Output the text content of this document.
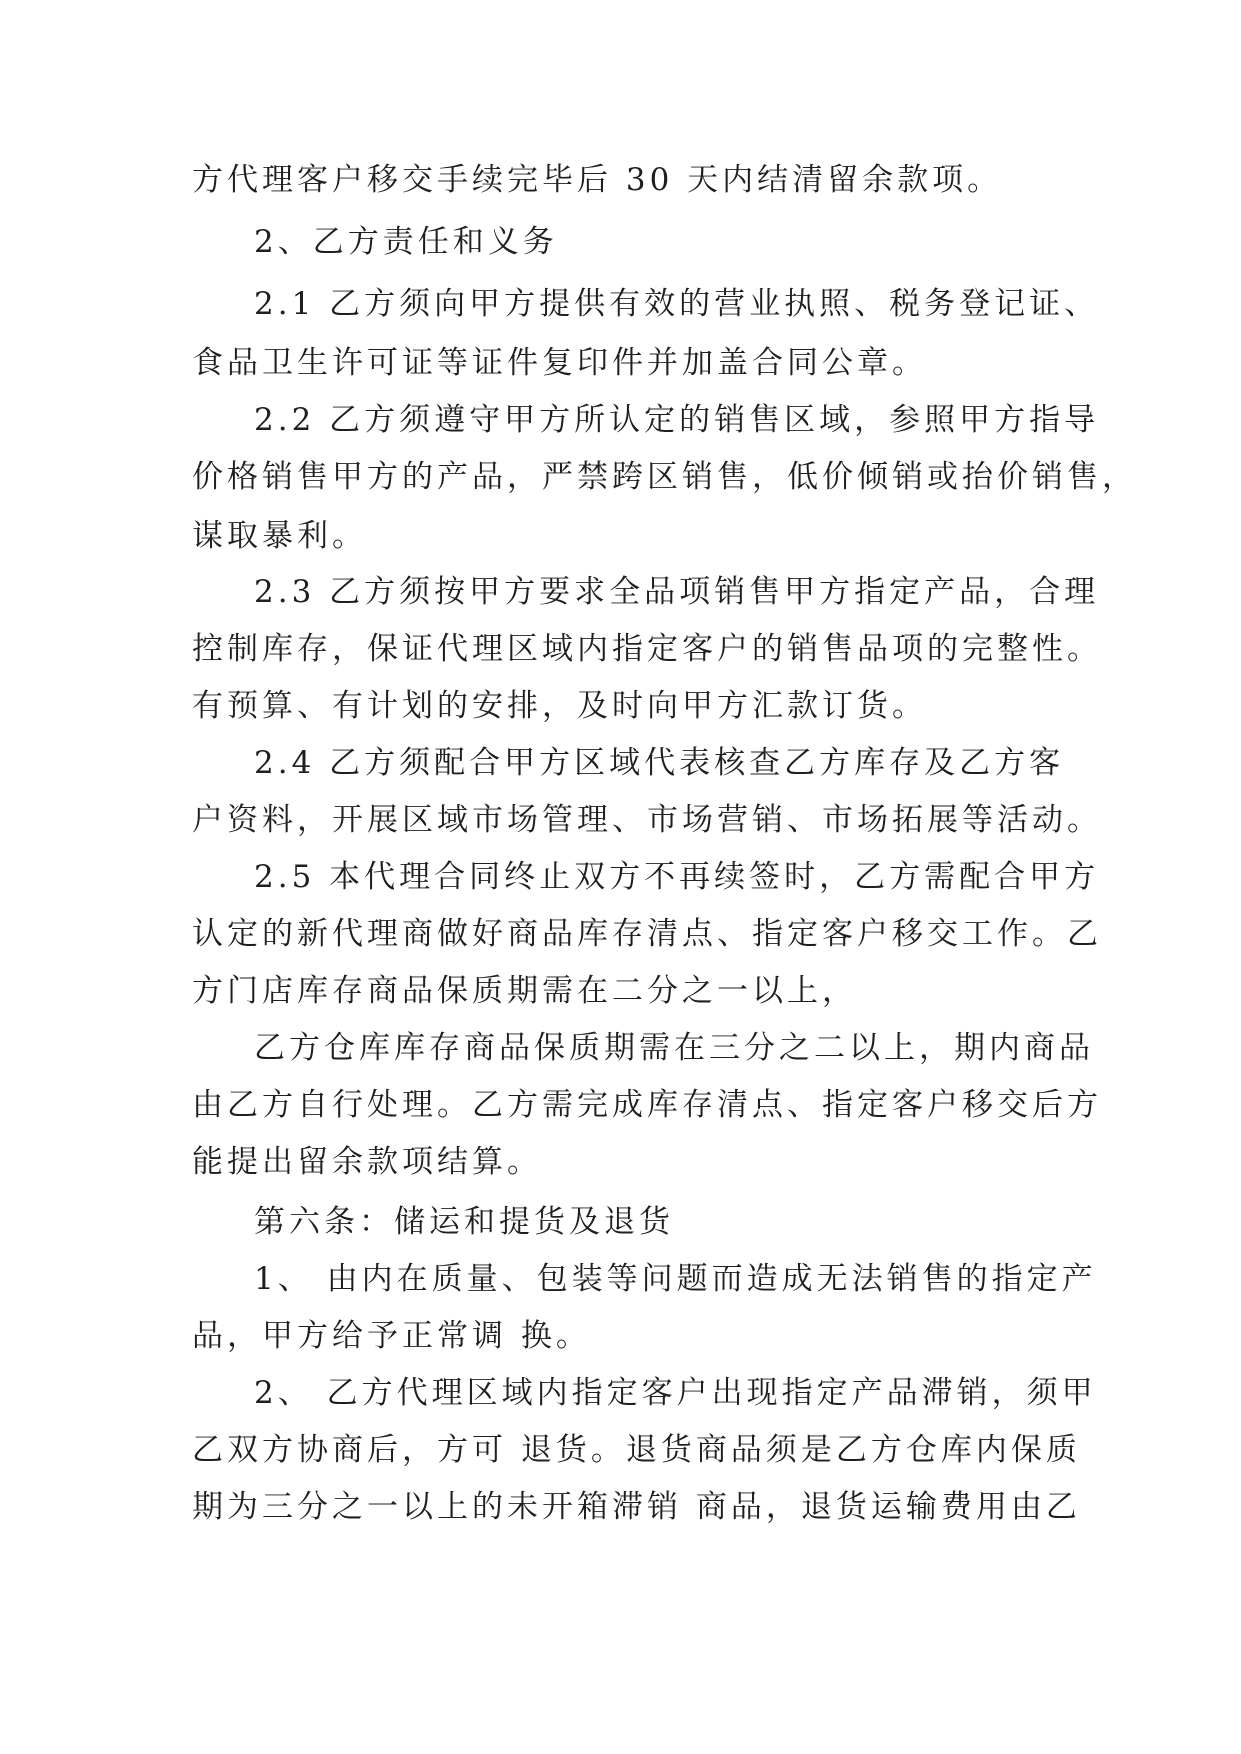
方代理客户移交手续完毕后 30 天内结清留余款项。
2、乙方责任和义务
2.1 乙方须向甲方提供有效的营业执照、税务登记证、
食品卫生许可证等证件复印件并加盖合同公章。
2.2 乙方须遵守甲方所认定的销售区域，参照甲方指导
价格销售甲方的产品，严禁跨区销售，低价倾销或抬价销售，
谋取暴利。
2.3 乙方须按甲方要求全品项销售甲方指定产品，合理
控制库存，保证代理区域内指定客户的销售品项的完整性。
有预算、有计划的安排，及时向甲方汇款订货。
2.4 乙方须配合甲方区域代表核查乙方库存及乙方客
户资料，开展区域市场管理、市场营销、市场拓展等活动。
2.5 本代理合同终止双方不再续签时，乙方需配合甲方
认定的新代理商做好商品库存清点、指定客户移交工作。乙
方门店库存商品保质期需在二分之一以上，
乙方仓库库存商品保质期需在三分之二以上，期内商品
由乙方自行处理。乙方需完成库存清点、指定客户移交后方
能提出留余款项结算。
第六条：储运和提货及退货
1、 由内在质量、包装等问题而造成无法销售的指定产
品，甲方给予正常调 换。
2、 乙方代理区域内指定客户出现指定产品滞销，须甲
乙双方协商后，方可 退货。退货商品须是乙方仓库内保质
期为三分之一以上的未开箱滞销 商品，退货运输费用由乙
